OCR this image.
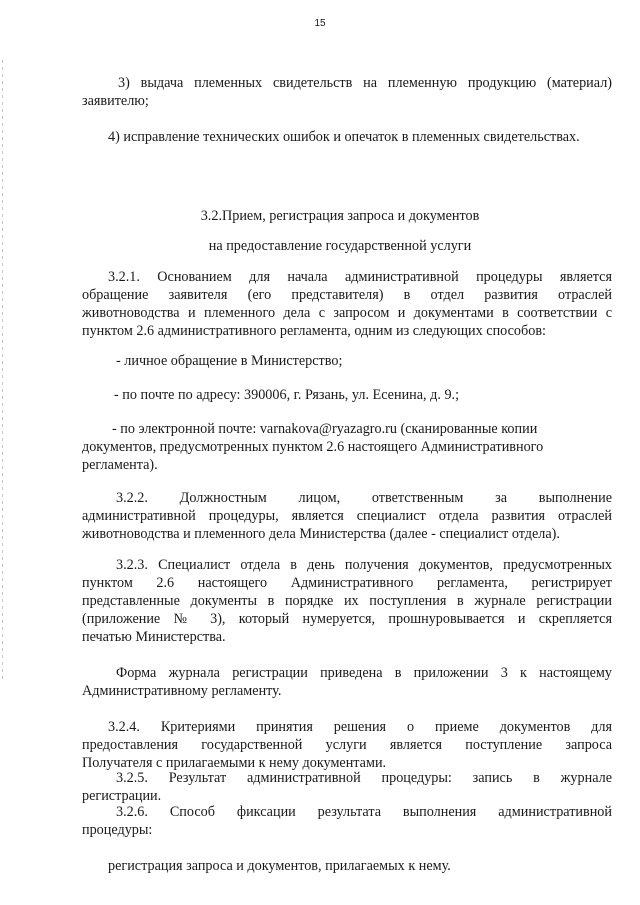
15
3) выдача племенных свидетельств на племенную продукцию (материал)
заявителю;
4) исправление технических ошибок и опечаток в племенных свидетельствах.
3.2.Прием, регистрация запроса и документов
на предоставление государственной услуги
3.2.1. Основанием для начала административной процедуры является
обращение заявителя (его представителя) в отдел развития отраслей
животноводства и племенного дела с запросом и документами в соответствии с
пунктом 2.6 административного регламента, одним из следующих способов:
- личное обращение в Министерство;
- по почте по адресу: 390006, г. Рязань, ул. Есенина, д. 9.;
- по электронной почте: varnakova@ryazagro.ru (сканированные копии
документов, предусмотренных пунктом 2.6 настоящего Административного
регламента).
3.2.2. Должностным лицом, ответственным за выполнение
административной процедуры, является специалист отдела развития отраслей
животноводства и племенного дела Министерства (далее - специалист отдела).
3.2.3. Специалист отдела в день получения документов, предусмотренных
пунктом 2.6 настоящего Административного регламента, регистрирует
представленные документы в порядке их поступления в журнале регистрации
(приложение № 3), который нумеруется, прошнуровывается и скрепляется
печатью Министерства.
Форма журнала регистрации приведена в приложении 3 к настоящему
Административному регламенту.
3.2.4. Критериями принятия решения о приеме документов для
предоставления государственной услуги является поступление запроса
Получателя с прилагаемыми к нему документами.
3.2.5. Результат административной процедуры: запись в журнале
регистрации.
3.2.6. Способ фиксации результата выполнения административной
процедуры:
регистрация запроса и документов, прилагаемых к нему.
